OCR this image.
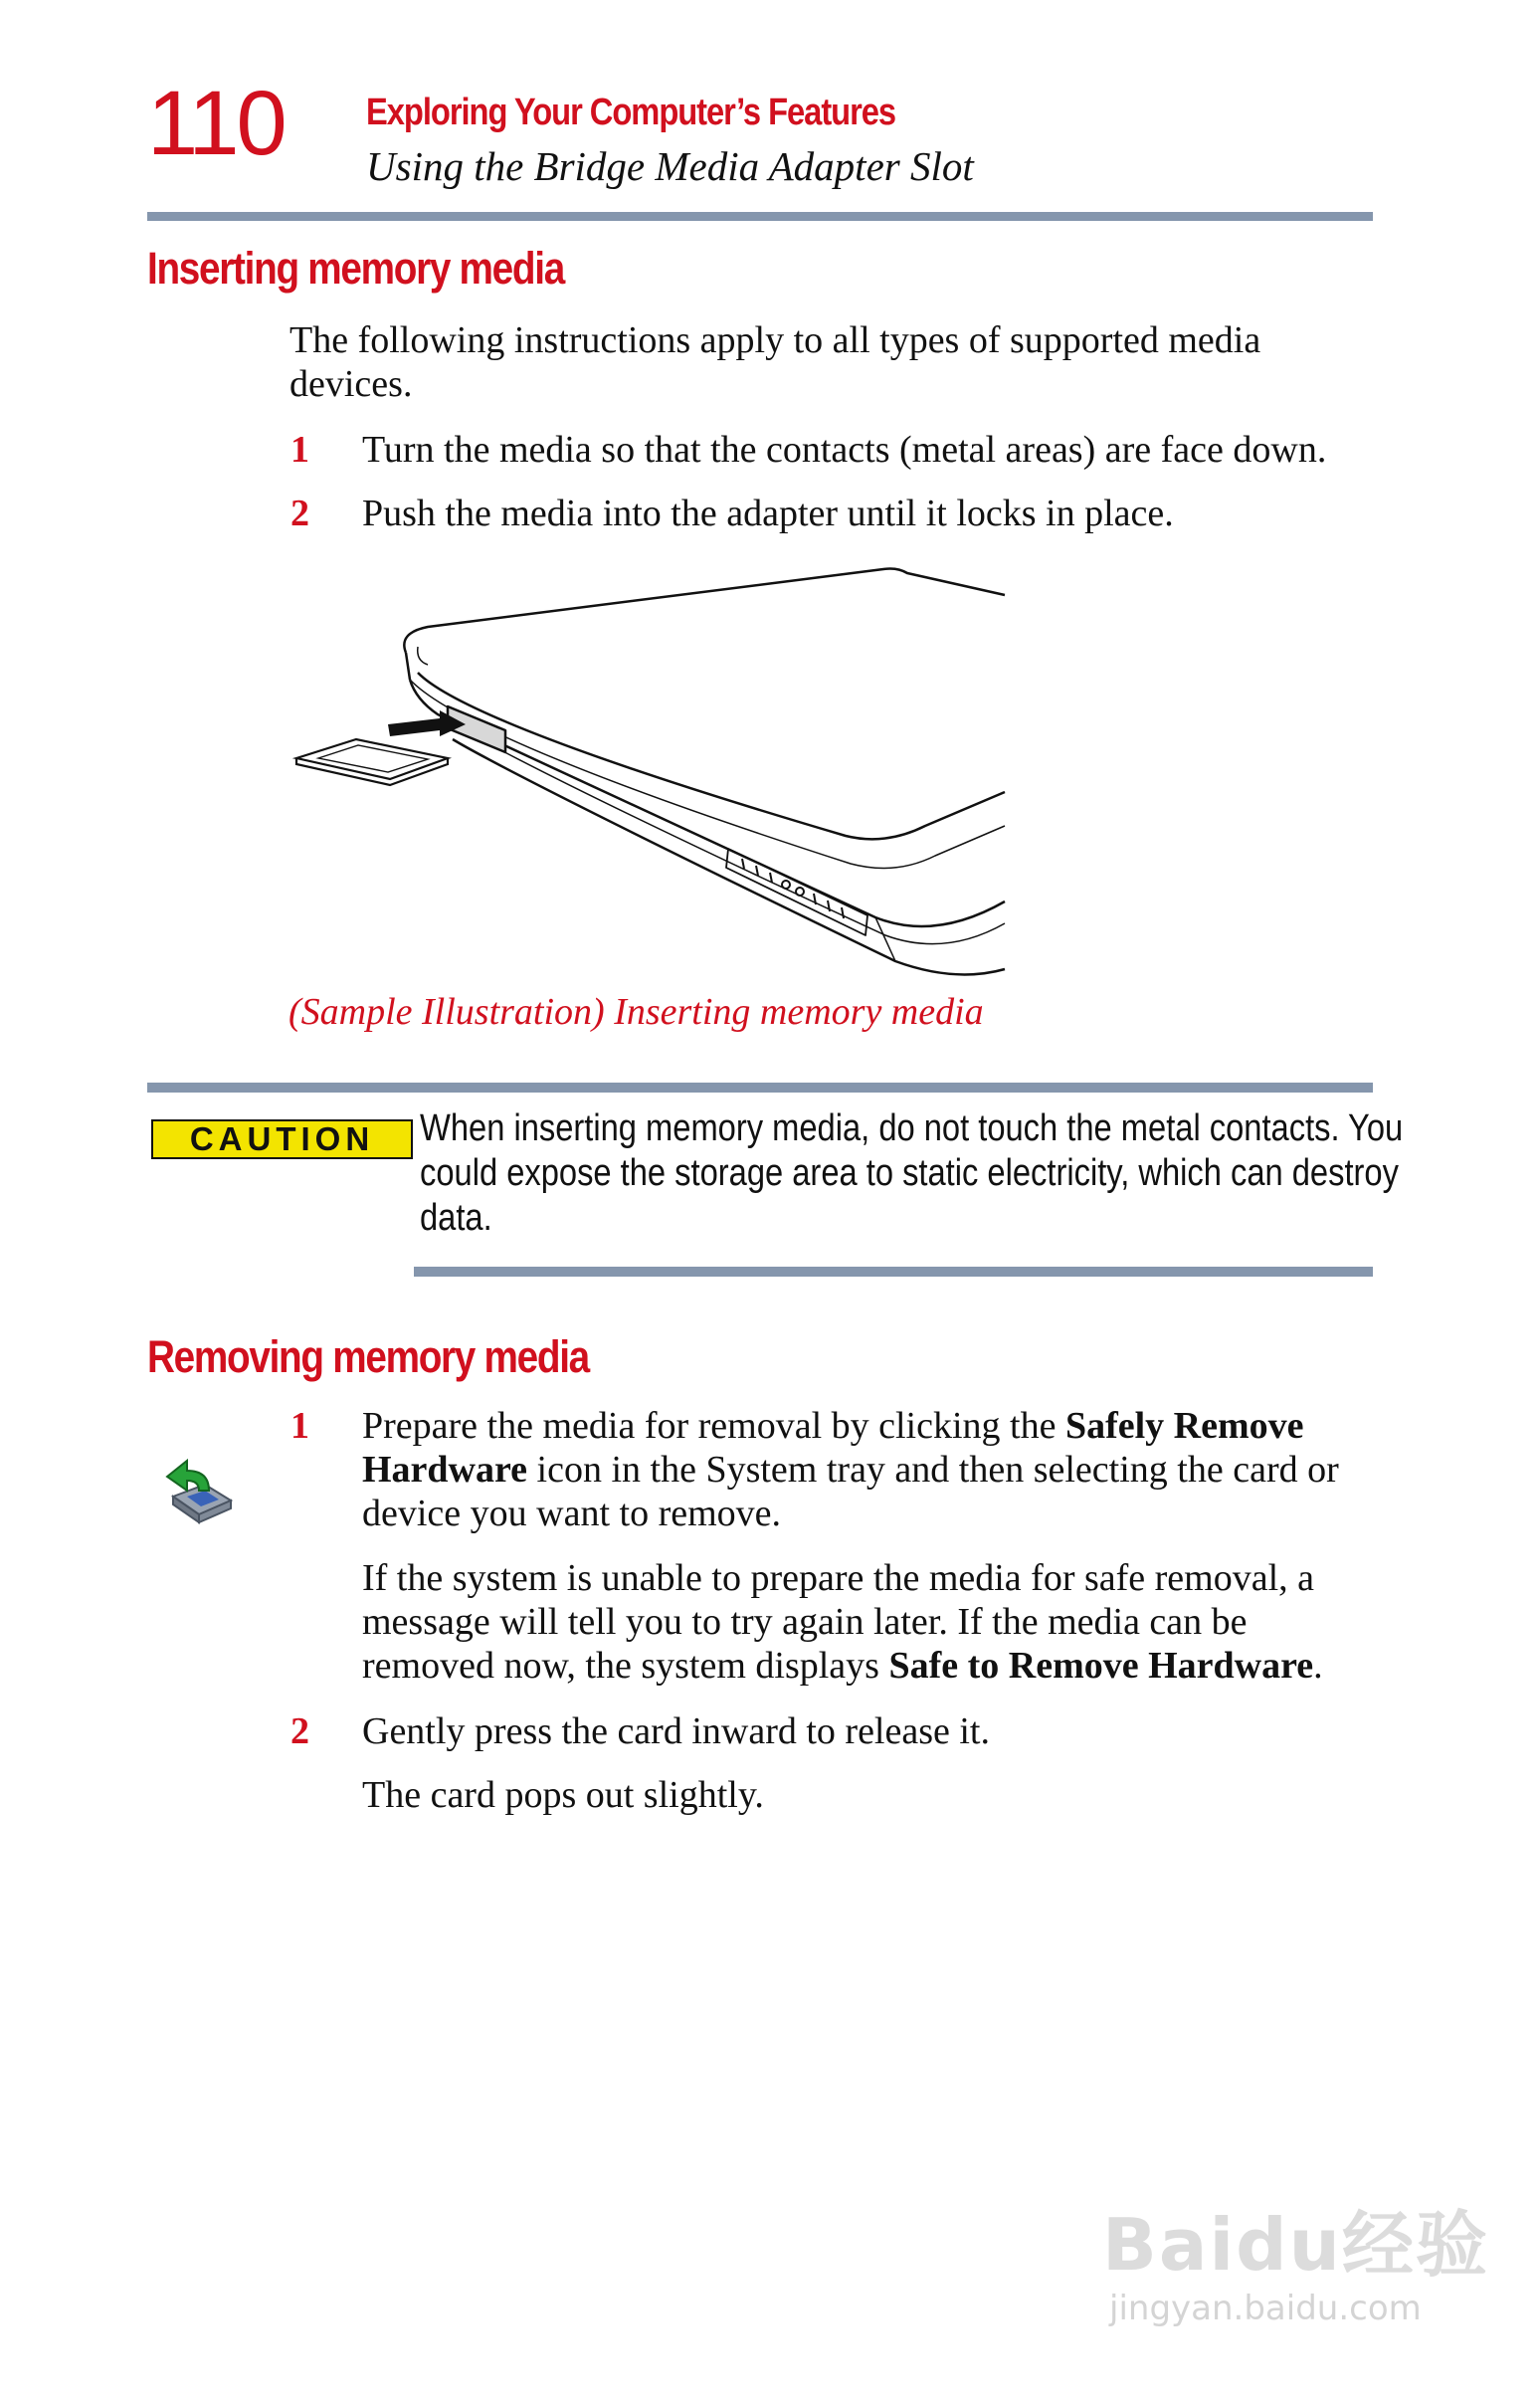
110 Exploring Your Computer’s Features
Using the Bridge Media Adapter Slot
Inserting memory media
The following instructions apply to all types of supported media devices.
1 Turn the media so that the contacts (metal areas) are face down.
2 Push the media into the adapter until it locks in place.
(Sample Illustration) Inserting memory media
CAUTION	When inserting memory media, do not touch the metal contacts. You
could expose the storage area to static electricity, which can destroy
data.
Removing memory media
1 Prepare the media for removal by clicking the Safely Remove Hardware icon in the System tray and then selecting the card or device you want to remove.
If the system is unable to prepare the media for safe removal, a message will tell you to try again later. If the media can be removed now, the system displays Safe to Remove Hardware.
2 Gently press the card inward to release it.
The card pops out slightly.
Baidu经验
jingyan.baidu.com
